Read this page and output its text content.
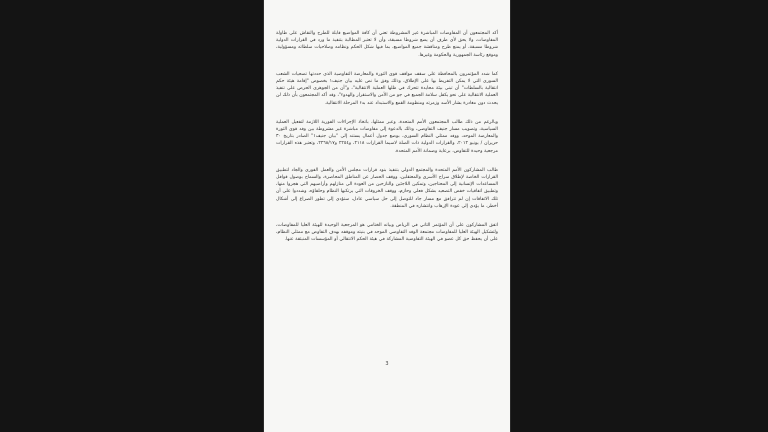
أكد المجتمعون أن المفاوضات المباشرة غير المشروطة تعني أن كافة المواضيع قابلة للطرح والنقاش على طاولة المفاوضات، ولا يحق لأي طرف أن يضع شروطا مسبقة، وأن لا تعتبر المطالبة بتنفيذ ما ورد في القرارات الدولية شروطا مسبقة، أو يمنع طرح ومناقشة جميع المواضيع، بما فيها شكل الحكم ونظامه وصلاحيات سلطاته ومسؤولية، وموقع رئاسة الجمهورية والحكومة وغيرها.

كما شدد المؤتمرون بالمحافظة على سقف مواقف قوى الثورة والمعارضة التفاوضية الذي حددتها تضحيات الشعب السوري التي لا يمكن التفريط بها على الإطلاق، وذلك وفق ما نص عليه بيان جنيف١ بخصوص "إقامة هيئة حكم انتقالية بالسلطات" أن تبنى بيئة محايدة تتحرك في ظلها العملية الانتقالية"، و"أن من الجوهري الحرص على تنفيذ العملية الانتقالية على نحو يكفل سلامة الجميع في جو من الأمن والاستقرار والهدوء"، وقد أكد المجتمعون بأن ذلك لن يحدث دون مغادرة بشار الأسد وزمرته ومنظومة القمع والاستبداد عند بدء المرحلة الانتقالية.

وبالرغم من ذلك طالب المجتمعون الأمم المتحدة، وعبر ممثلها، باتخاذ الإجراءات الفورية اللازمة لتفعيل العملية السياسية، وتصويب مسار جنيف التفاوضي، وذلك بالدعوة إلى مفاوضات مباشرة غير مشروطة بين وفد قوى الثورة والمعارضة الموحد، ووفد ممثلي النظام السوري، بوضع جدول أعمال يستند إلى "بيان جنيف١" الصادر بتاريخ ٣٠ حزيران / يونيو ٢٠١٢، والقرارات الدولية ذات الصلة لاسيما القرارات ٢١١٨، و٢٢٥٤ و٢٢٦٨/١٧، وتعتبر هذه القرارات مرجعية وحيدة للتفاوض، برعاية وضمانة الأمم المتحدة.

طالب المشاركون الأمم المتحدة والمجتمع الدولي بتنفيذ بنود قرارات مجلس الأمن والعمل الفوري والجاد لتطبيق القرارات الخاصة لإطلاق سراح الأسرى والمعتقلين، ووقف الحصار عن المناطق المحاصرة، والسماح بوصول قوافل المساعدات الإنسانية إلى المحتاجين، وتمكين اللاجئين والنازحين من العودة الى منازلهم وأراضيهم التي هجروا منها، وتطبيق اتفاقيات خفض التصعيد بشكل فعلي وحازم، ووقف الخروقات التي يرتكبها النظام وحلفاؤه، وشددوا على أن تلك الاتفاقات إن لم تترافق مع مسار جاد للتوصل إلى حل سياسي عادل، ستؤدي إلى تطور الصراع إلى أشكال أخطر، ما يؤدي إلى عودة الإرهاب وانتشاره في المنطقة.

اتفق المشاركون على أن المؤتمر الثاني في الرياض وبيانه الختامي هو المرجعية الوحيدة للهيئة العليا للمفاوضات، ولتشكيل الهيئة العليا للمفاوضات مجتمعة الوفد التفاوضي الموحد في بنيته وموقفه بهدف التفاوض مع ممثلي النظام، على أن يحفظ حق كل عضو في الهيئة التفاوضية المشاركة في هيئة الحكم الانتقالي أو المؤسسات المنبثقة عنها.

3
